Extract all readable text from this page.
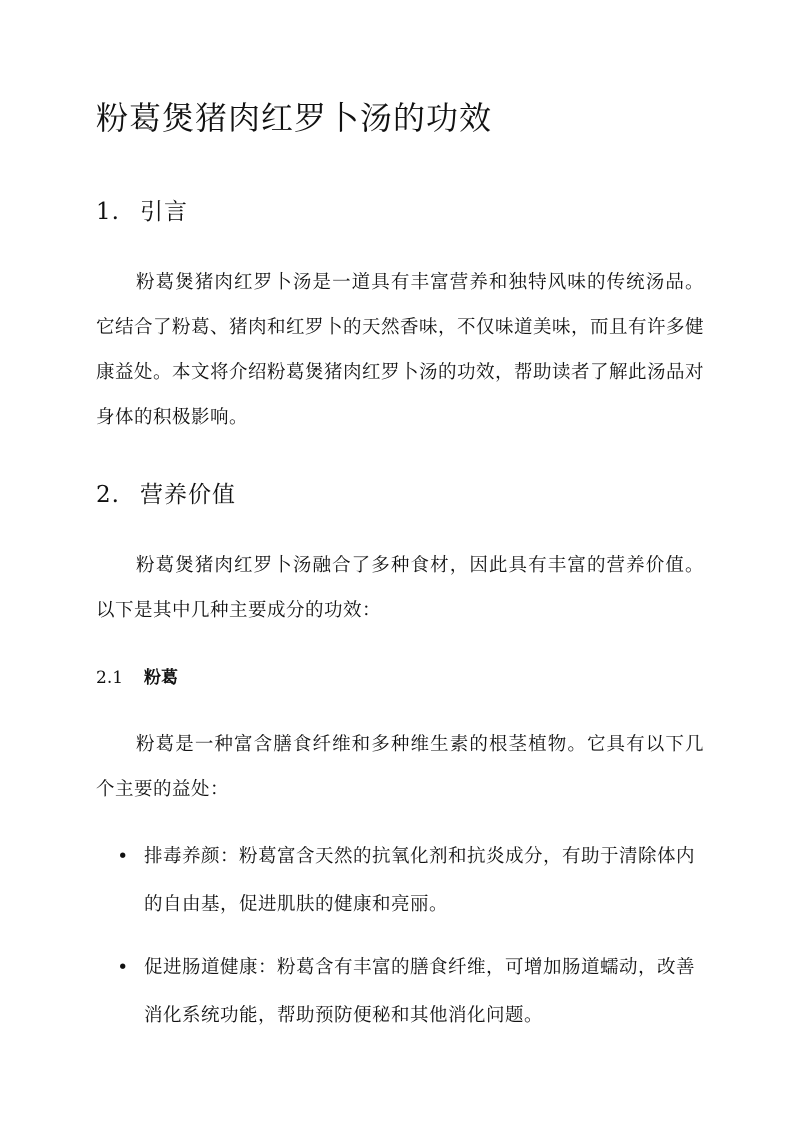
粉葛煲猪肉红罗卜汤的功效
1. 引言

粉葛煲猪肉红罗卜汤是一道具有丰富营养和独特风味的传统汤品。它结合了粉葛、猪肉和红罗卜的天然香味，不仅味道美味，而且有许多健康益处。本文将介绍粉葛煲猪肉红罗卜汤的功效，帮助读者了解此汤品对身体的积极影响。

2. 营养价值

粉葛煲猪肉红罗卜汤融合了多种食材，因此具有丰富的营养价值。以下是其中几种主要成分的功效：

2.1 粉葛

粉葛是一种富含膳食纤维和多种维生素的根茎植物。它具有以下几个主要的益处：

• 排毒养颜：粉葛富含天然的抗氧化剂和抗炎成分，有助于清除体内的自由基，促进肌肤的健康和亮丽。
• 促进肠道健康：粉葛含有丰富的膳食纤维，可增加肠道蠕动，改善消化系统功能，帮助预防便秘和其他消化问题。
